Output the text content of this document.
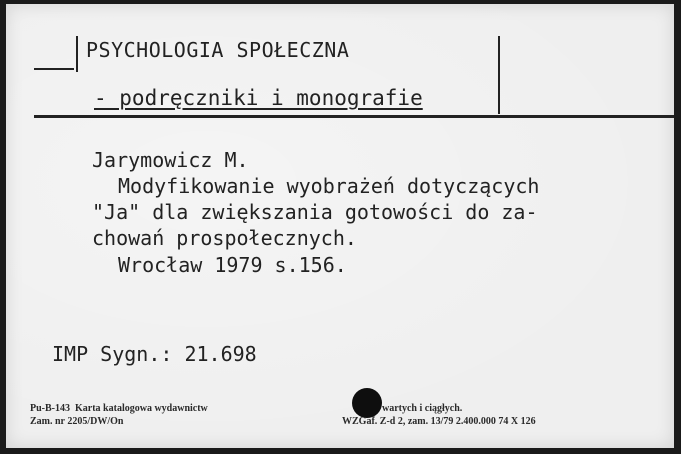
PSYCHOLOGIA SPOŁECZNA
- podręczniki i monografie
Jarymowicz M.
Modyfikowanie wyobrażeń dotyczących
"Ja" dla zwiększania gotowości do za-
chowań prospołecznych.
Wrocław 1979 s.156.
IMP Sygn.: 21.698
Pu-B-143  Karta katalogowa wydawnictw	wartych i ciągłych.
Zam. nr 2205/DW/On	WZGaf. Z-d 2, zam. 13/79 2.400.000 74 X 126
